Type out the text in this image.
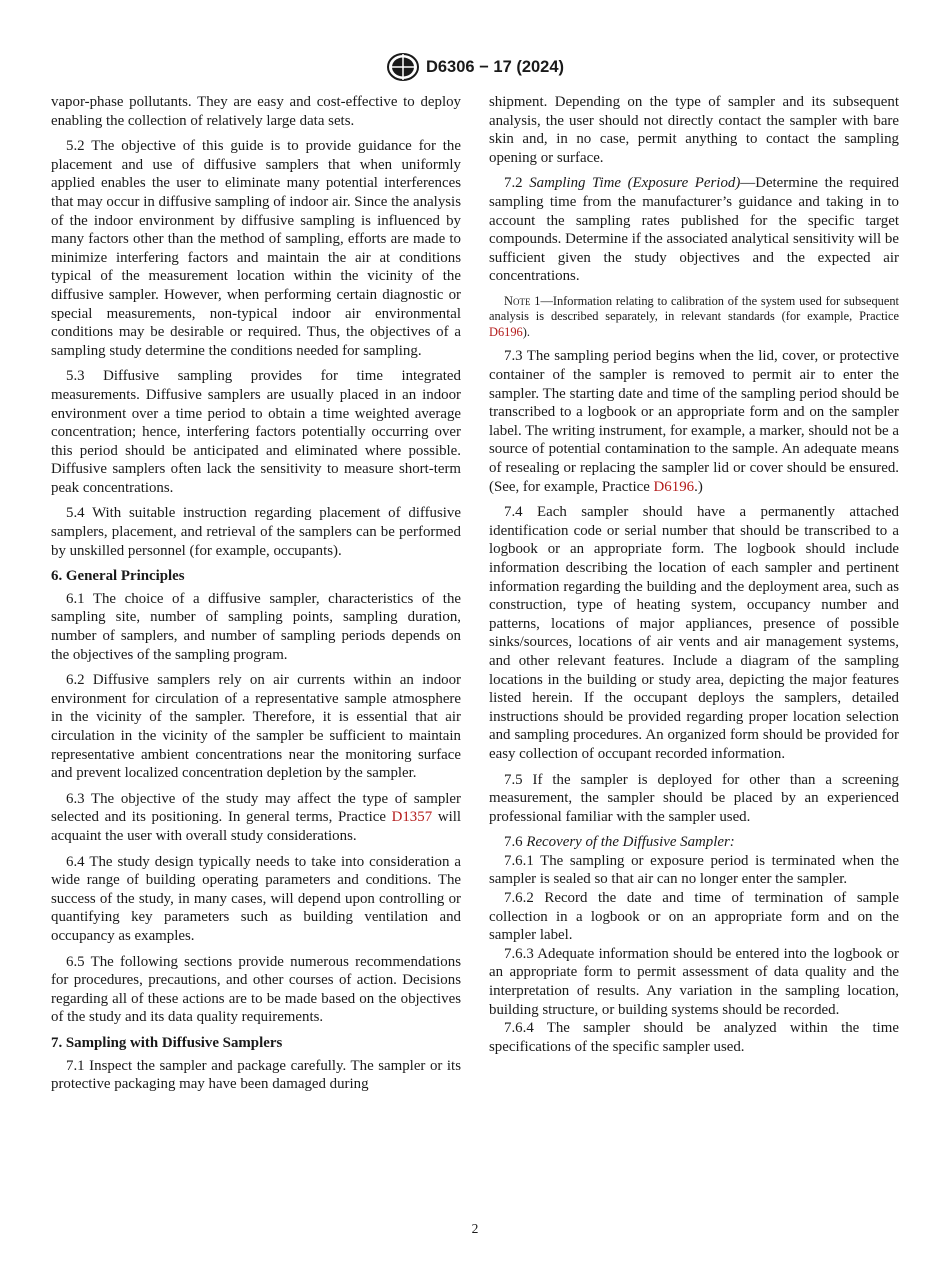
D6306 − 17 (2024)

vapor-phase pollutants. They are easy and cost-effective to deploy enabling the collection of relatively large data sets.

5.2 The objective of this guide is to provide guidance for the placement and use of diffusive samplers that when uniformly applied enables the user to eliminate many potential interferences that may occur in diffusive sampling of indoor air. Since the analysis of the indoor environment by diffusive sampling is influenced by many factors other than the method of sampling, efforts are made to minimize interfering factors and maintain the air at conditions typical of the measurement location within the vicinity of the diffusive sampler. However, when performing certain diagnostic or special measurements, non-typical indoor air environmental conditions may be desirable or required. Thus, the objectives of a sampling study determine the conditions needed for sampling.

5.3 Diffusive sampling provides for time integrated measurements. Diffusive samplers are usually placed in an indoor environment over a time period to obtain a time weighted average concentration; hence, interfering factors potentially occurring over this period should be anticipated and eliminated where possible. Diffusive samplers often lack the sensitivity to measure short-term peak concentrations.

5.4 With suitable instruction regarding placement of diffusive samplers, placement, and retrieval of the samplers can be performed by unskilled personnel (for example, occupants).

6. General Principles

6.1 The choice of a diffusive sampler, characteristics of the sampling site, number of sampling points, sampling duration, number of samplers, and number of sampling periods depends on the objectives of the sampling program.

6.2 Diffusive samplers rely on air currents within an indoor environment for circulation of a representative sample atmosphere in the vicinity of the sampler. Therefore, it is essential that air circulation in the vicinity of the sampler be sufficient to maintain representative ambient concentrations near the monitoring surface and prevent localized concentration depletion by the sampler.

6.3 The objective of the study may affect the type of sampler selected and its positioning. In general terms, Practice D1357 will acquaint the user with overall study considerations.

6.4 The study design typically needs to take into consideration a wide range of building operating parameters and conditions. The success of the study, in many cases, will depend upon controlling or quantifying key parameters such as building ventilation and occupancy as examples.

6.5 The following sections provide numerous recommendations for procedures, precautions, and other courses of action. Decisions regarding all of these actions are to be made based on the objectives of the study and its data quality requirements.

7. Sampling with Diffusive Samplers

7.1 Inspect the sampler and package carefully. The sampler or its protective packaging may have been damaged during

shipment. Depending on the type of sampler and its subsequent analysis, the user should not directly contact the sampler with bare skin and, in no case, permit anything to contact the sampling opening or surface.

7.2 Sampling Time (Exposure Period)—Determine the required sampling time from the manufacturer’s guidance and taking in to account the sampling rates published for the specific target compounds. Determine if the associated analytical sensitivity will be sufficient given the study objectives and the expected air concentrations.

Note 1—Information relating to calibration of the system used for subsequent analysis is described separately, in relevant standards (for example, Practice D6196).

7.3 The sampling period begins when the lid, cover, or protective container of the sampler is removed to permit air to enter the sampler. The starting date and time of the sampling period should be transcribed to a logbook or an appropriate form and on the sampler label. The writing instrument, for example, a marker, should not be a source of potential contamination to the sample. An adequate means of resealing or replacing the sampler lid or cover should be ensured. (See, for example, Practice D6196.)

7.4 Each sampler should have a permanently attached identification code or serial number that should be transcribed to a logbook or an appropriate form. The logbook should include information describing the location of each sampler and pertinent information regarding the building and the deployment area, such as construction, type of heating system, occupancy number and patterns, locations of major appliances, presence of possible sinks/sources, locations of air vents and air management systems, and other relevant features. Include a diagram of the sampling locations in the building or study area, depicting the major features listed herein. If the occupant deploys the samplers, detailed instructions should be provided regarding proper location selection and sampling procedures. An organized form should be provided for easy collection of occupant recorded information.

7.5 If the sampler is deployed for other than a screening measurement, the sampler should be placed by an experienced professional familiar with the sampler used.

7.6 Recovery of the Diffusive Sampler:

7.6.1 The sampling or exposure period is terminated when the sampler is sealed so that air can no longer enter the sampler.

7.6.2 Record the date and time of termination of sample collection in a logbook or on an appropriate form and on the sampler label.

7.6.3 Adequate information should be entered into the logbook or an appropriate form to permit assessment of data quality and the interpretation of results. Any variation in the sampling location, building structure, or building systems should be recorded.

7.6.4 The sampler should be analyzed within the time specifications of the specific sampler used.

2
